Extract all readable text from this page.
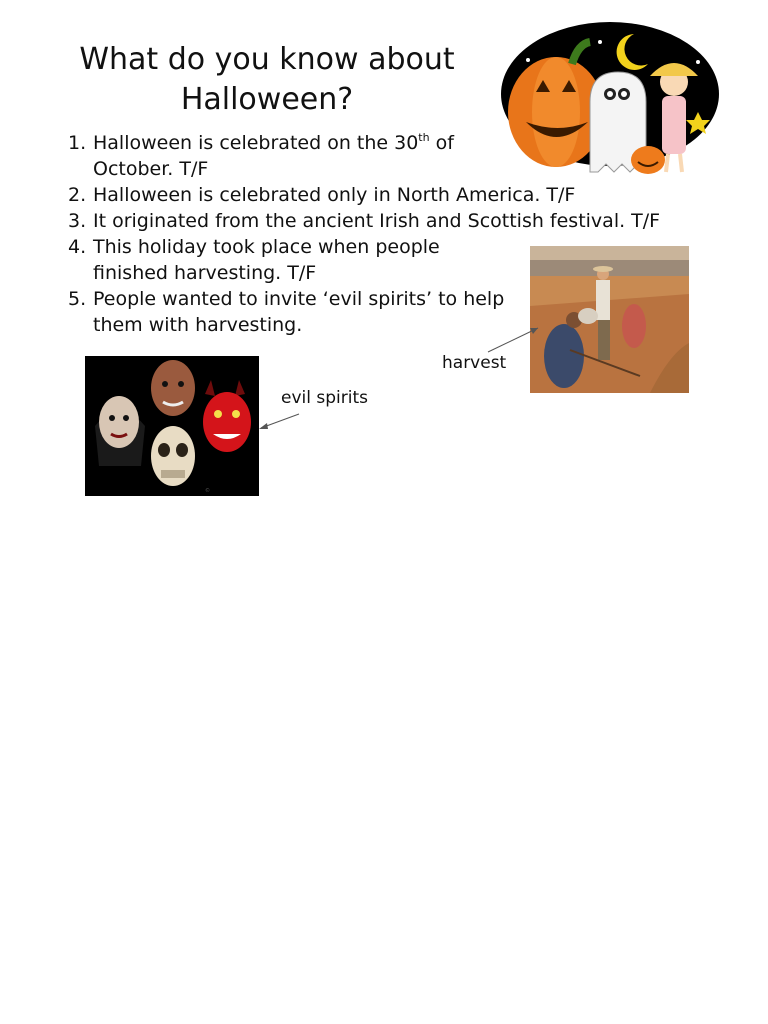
What do you know about Halloween?
1. Halloween is celebrated on the 30th of October. T/F
2. Halloween is celebrated only in North America. T/F
3. It originated from the ancient Irish and Scottish festival. T/F
4. This holiday took place when people finished harvesting. T/F
5. People wanted to invite ‘evil spirits’ to help them with harvesting.
harvest
©
evil spirits
